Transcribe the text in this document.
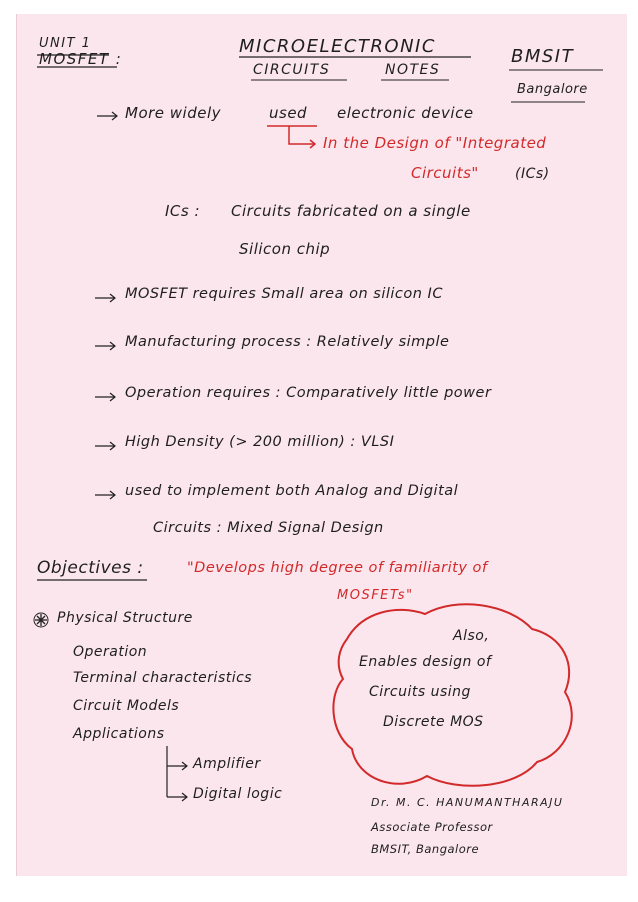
UNIT 1
MOSFET :
MICROELECTRONIC
CIRCUITS	NOTES
BMSIT
Bangalore
More widely	used electronic device
In the Design of "Integrated
Circuits"	(ICs)
ICs : Circuits fabricated on a single
Silicon chip
MOSFET requires Small area on silicon IC
Manufacturing process : Relatively simple
Operation requires : Comparatively little power
High Density (> 200 million) : VLSI
used to implement both Analog and Digital
Circuits : Mixed Signal Design
Objectives :	"Develops high degree of familiarity of
MOSFETs"
Physical Structure
Operation
Terminal characteristics
Circuit Models
Applications
Amplifier
Digital logic
Also,
Enables design of
Circuits using
Discrete MOS
Dr. M. C. HANUMANTHARAJU
Associate Professor
BMSIT, Bangalore
